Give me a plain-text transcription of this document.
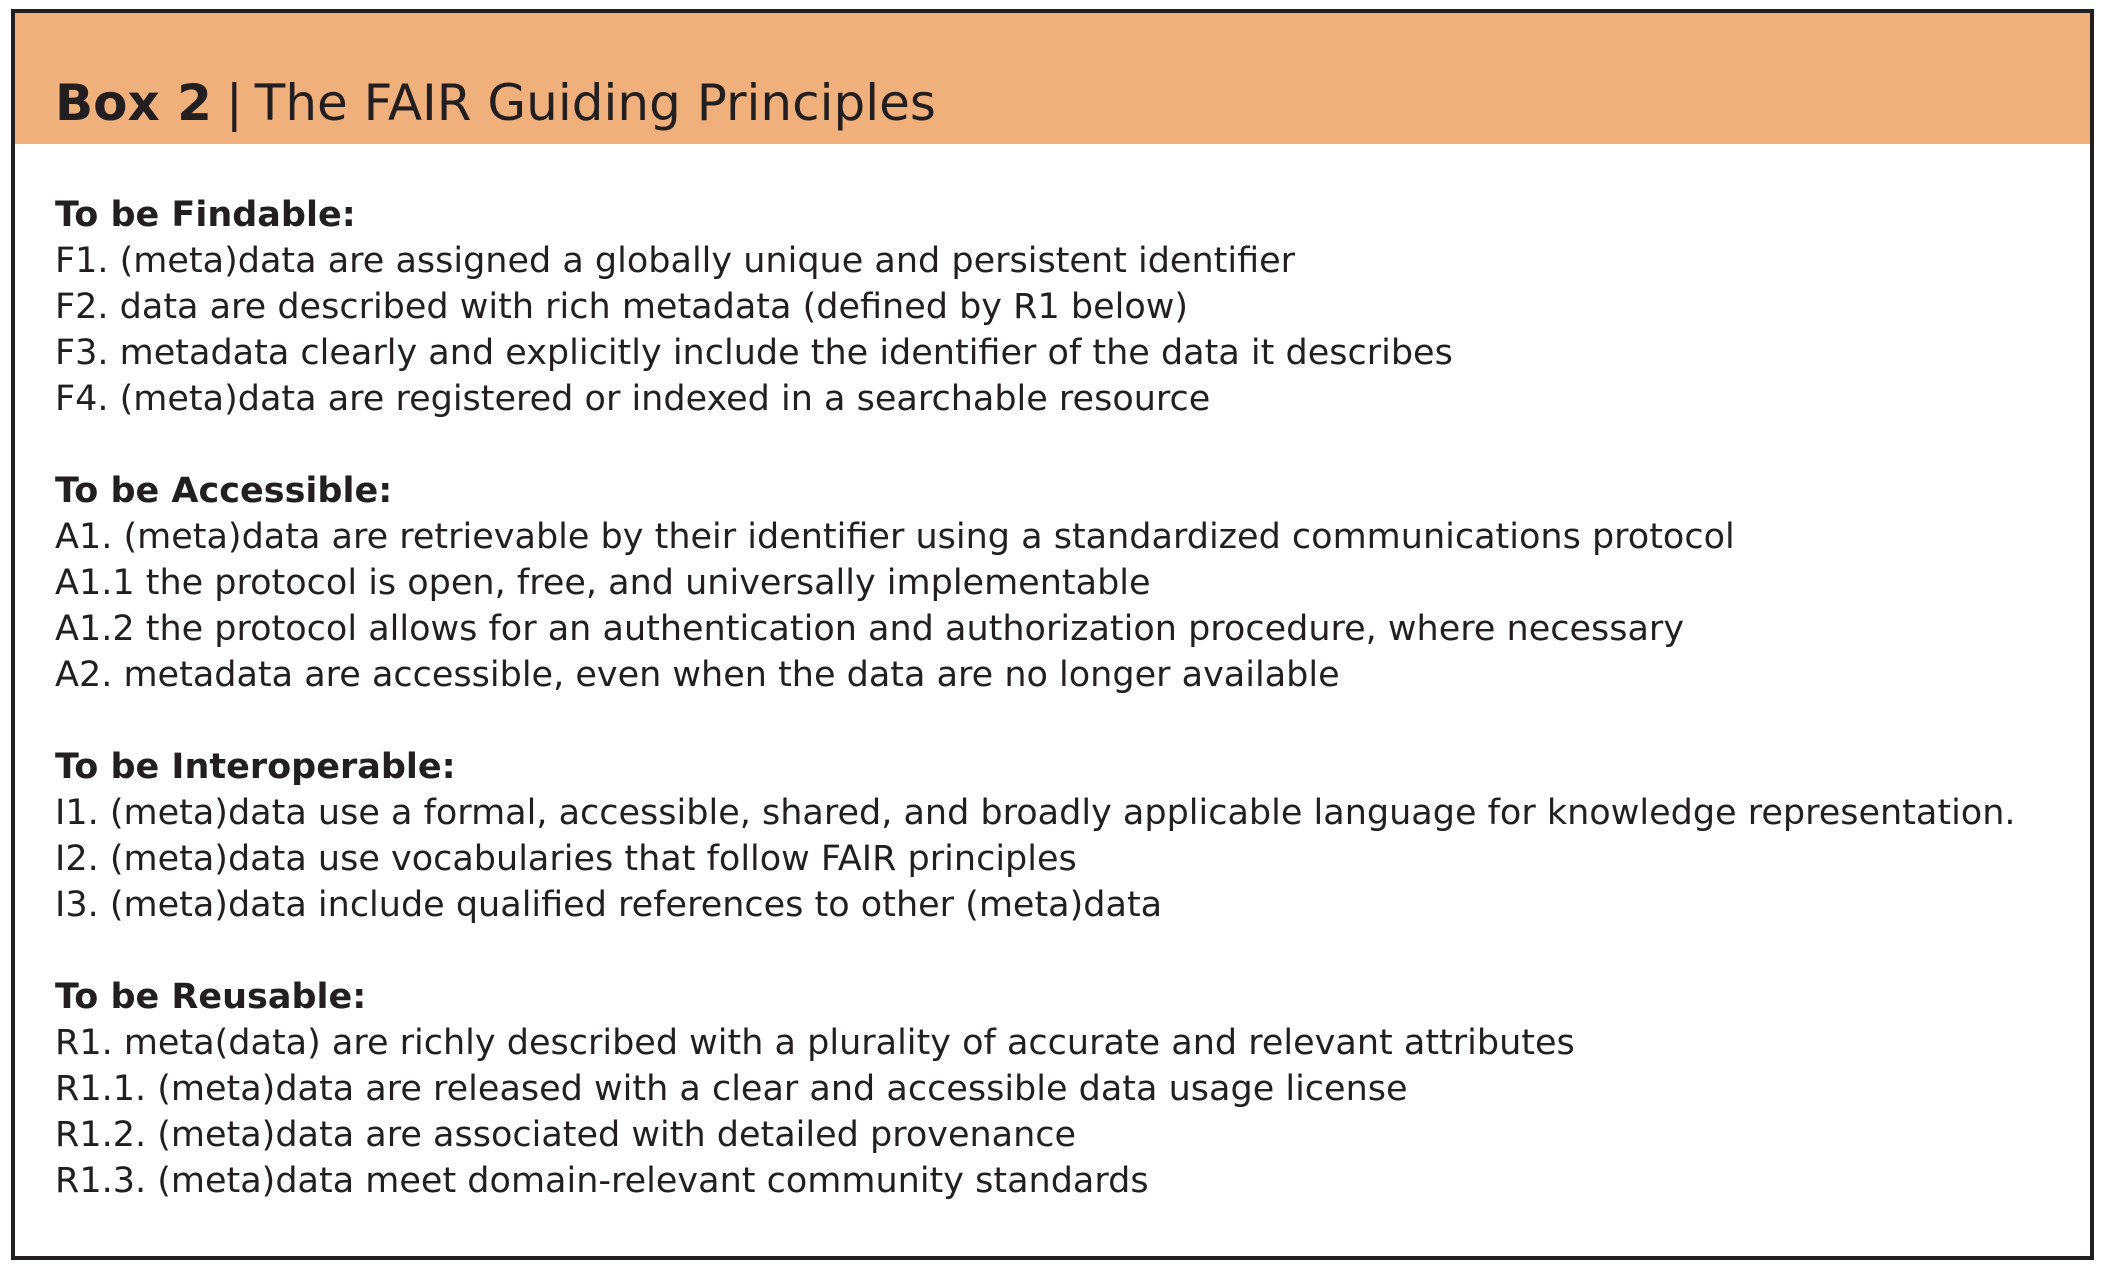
Box 2 | The FAIR Guiding Principles
To be Findable:
F1. (meta)data are assigned a globally unique and persistent identifier
F2. data are described with rich metadata (defined by R1 below)
F3. metadata clearly and explicitly include the identifier of the data it describes
F4. (meta)data are registered or indexed in a searchable resource
To be Accessible:
A1. (meta)data are retrievable by their identifier using a standardized communications protocol
A1.1 the protocol is open, free, and universally implementable
A1.2 the protocol allows for an authentication and authorization procedure, where necessary
A2. metadata are accessible, even when the data are no longer available
To be Interoperable:
I1. (meta)data use a formal, accessible, shared, and broadly applicable language for knowledge representation.
I2. (meta)data use vocabularies that follow FAIR principles
I3. (meta)data include qualified references to other (meta)data
To be Reusable:
R1. meta(data) are richly described with a plurality of accurate and relevant attributes
R1.1. (meta)data are released with a clear and accessible data usage license
R1.2. (meta)data are associated with detailed provenance
R1.3. (meta)data meet domain-relevant community standards
